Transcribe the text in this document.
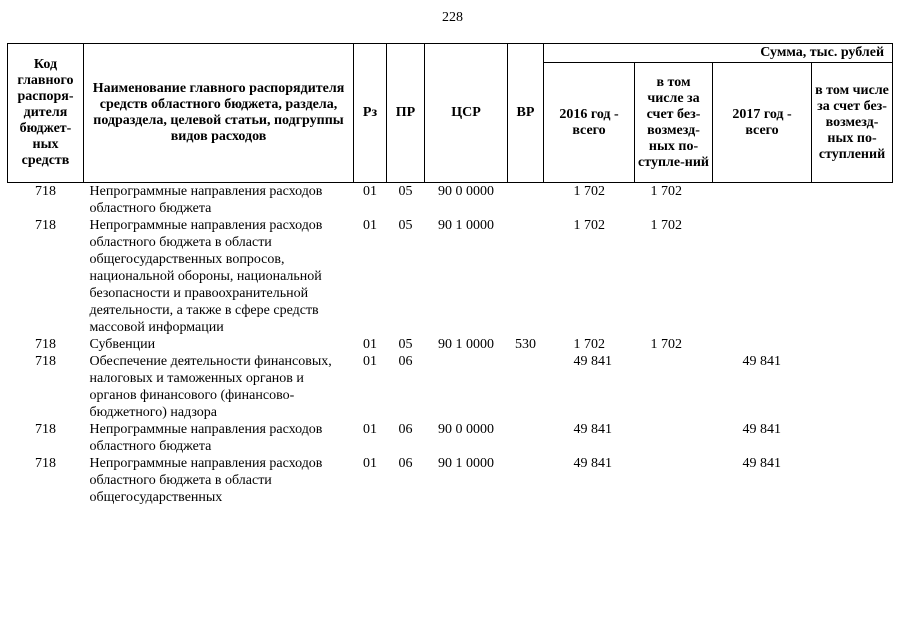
228
Код главного распоря-дителя бюджет-ных средств	Наименование главного распорядителя средств областного бюджета, раздела, подраздела, целевой статьи, подгруппы видов расходов	Рз	ПР	ЦСР	ВР	Сумма, тыс. рублей			
						2016 год - всего	в том числе за счет без-возмезд-ных по-ступле-ний	2017 год - всего	в том числе за счет без-возмезд-ных по-ступлений
718	Непрограммные направления расходов областного бюджета	01	05	90 0 0000		1 702	1 702		
718	Непрограммные направления расходов областного бюджета в области общегосударственных вопросов, национальной обороны, национальной безопасности и правоохранительной деятельности, а также в сфере средств массовой информации	01	05	90 1 0000		1 702	1 702		
718	Субвенции	01	05	90 1 0000	530	1 702	1 702		
718	Обеспечение деятельности финансовых, налоговых и таможенных органов и органов финансового (финансово-бюджетного) надзора	01	06			49 841		49 841	
718	Непрограммные направления расходов областного бюджета	01	06	90 0 0000		49 841		49 841	
718	Непрограммные направления расходов областного бюджета в области общегосударственных	01	06	90 1 0000		49 841		49 841	
